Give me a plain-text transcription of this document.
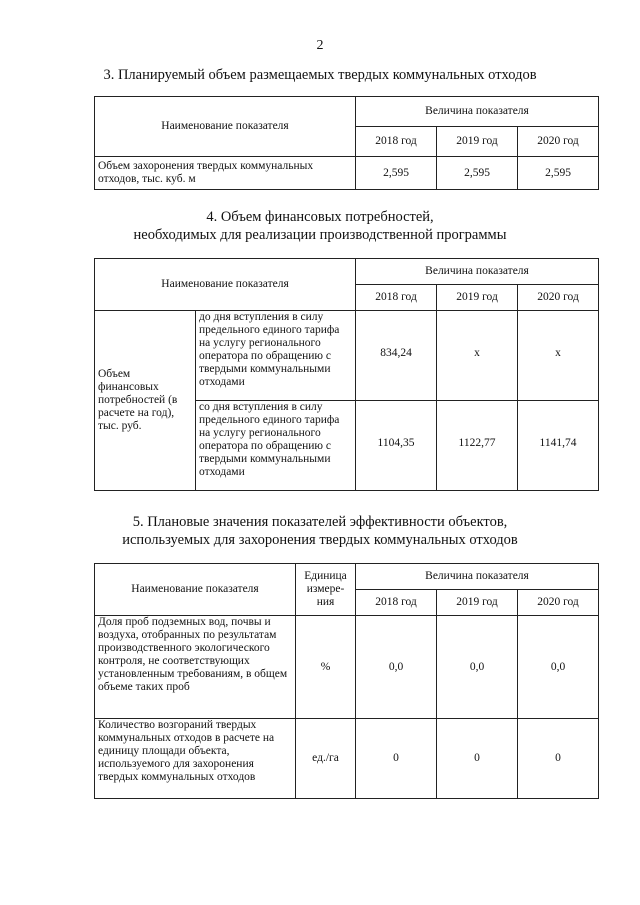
2
3. Планируемый объем размещаемых твердых коммунальных отходов
Наименование показателя	Величина показателя		
	2018 год	2019 год	2020 год
Объем захоронения твердых коммунальных отходов, тыс. куб. м	2,595	2,595	2,595
4. Объем финансовых потребностей,
необходимых для реализации производственной программы
Наименование показателя		Величина показателя		
		2018 год	2019 год	2020 год
Объем финансовых потребностей (в расчете на год), тыс. руб.	до дня вступления в силу предельного единого тарифа на услугу регионального оператора по обращению с твердыми коммунальными отходами	834,24	x	x
	со дня вступления в силу предельного единого тарифа на услугу регионального оператора по обращению с твердыми коммунальными отходами	1104,35	1122,77	1141,74
5. Плановые значения показателей эффективности объектов,
используемых для захоронения твердых коммунальных отходов
Наименование показателя	Единица измере-ния	Величина показателя		
		2018 год	2019 год	2020 год
Доля проб подземных вод, почвы и воздуха, отобранных по результатам производственного экологического контроля, не соответствующих установленным требованиям, в общем объеме таких проб	%	0,0	0,0	0,0
Количество возгораний твердых коммунальных отходов в расчете на единицу площади объекта, используемого для захоронения твердых коммунальных отходов	ед./га	0	0	0
